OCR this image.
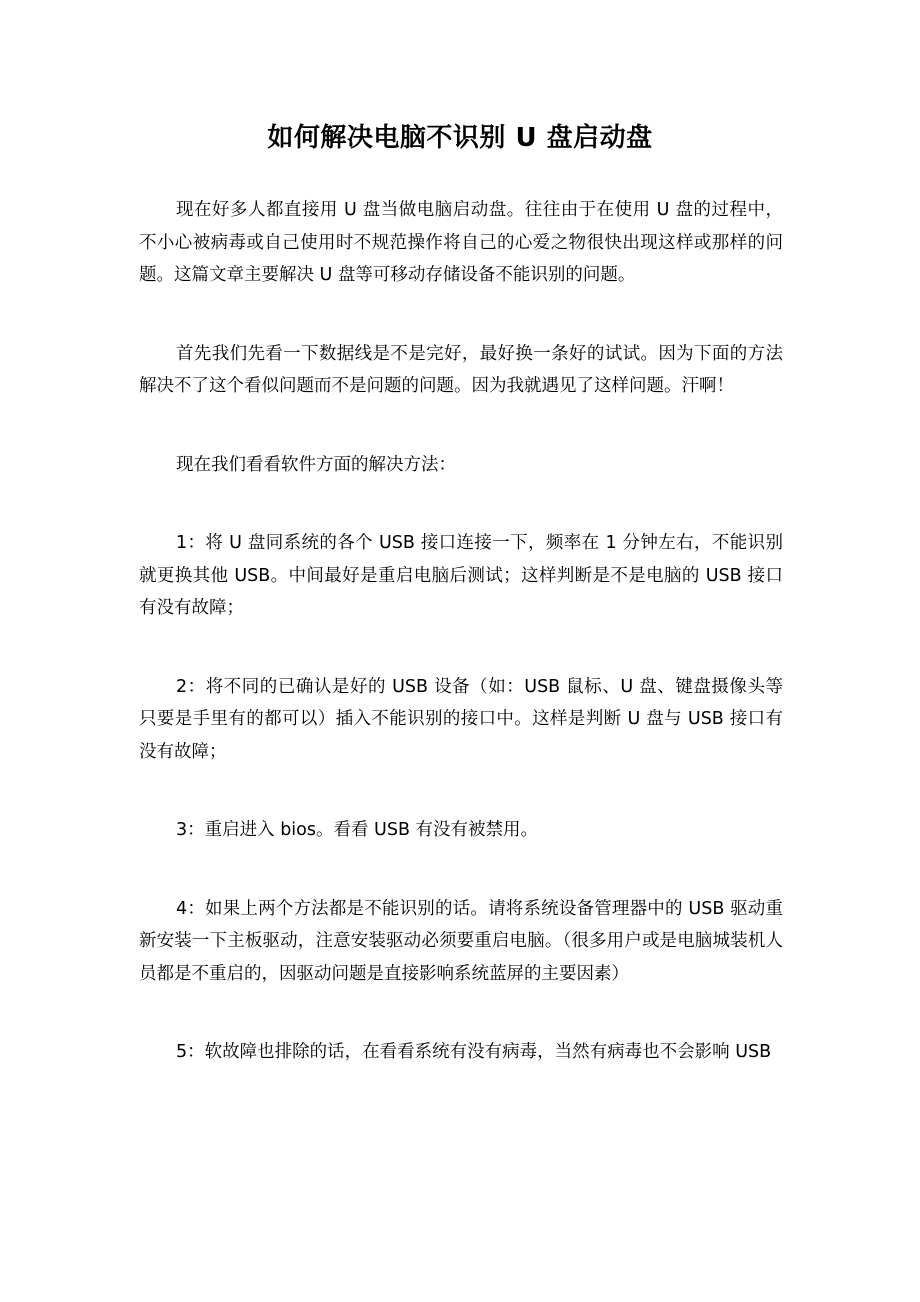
如何解决电脑不识别 U 盘启动盘

现在好多人都直接用 U 盘当做电脑启动盘。往往由于在使用 U 盘的过程中，不小心被病毒或自己使用时不规范操作将自己的心爱之物很快出现这样或那样的问题。这篇文章主要解决 U 盘等可移动存储设备不能识别的问题。

首先我们先看一下数据线是不是完好，最好换一条好的试试。因为下面的方法解决不了这个看似问题而不是问题的问题。因为我就遇见了这样问题。汗啊！

现在我们看看软件方面的解决方法：

1：将 U 盘同系统的各个 USB 接口连接一下，频率在 1 分钟左右，不能识别就更换其他 USB。中间最好是重启电脑后测试；这样判断是不是电脑的 USB 接口有没有故障；

2：将不同的已确认是好的 USB 设备（如：USB 鼠标、U 盘、键盘摄像头等只要是手里有的都可以）插入不能识别的接口中。这样是判断 U 盘与 USB 接口有没有故障；

3：重启进入 bios。看看 USB 有没有被禁用。

4：如果上两个方法都是不能识别的话。请将系统设备管理器中的 USB 驱动重新安装一下主板驱动，注意安装驱动必须要重启电脑。（很多用户或是电脑城装机人员都是不重启的，因驱动问题是直接影响系统蓝屏的主要因素）

5：软故障也排除的话，在看看系统有没有病毒，当然有病毒也不会影响 USB
